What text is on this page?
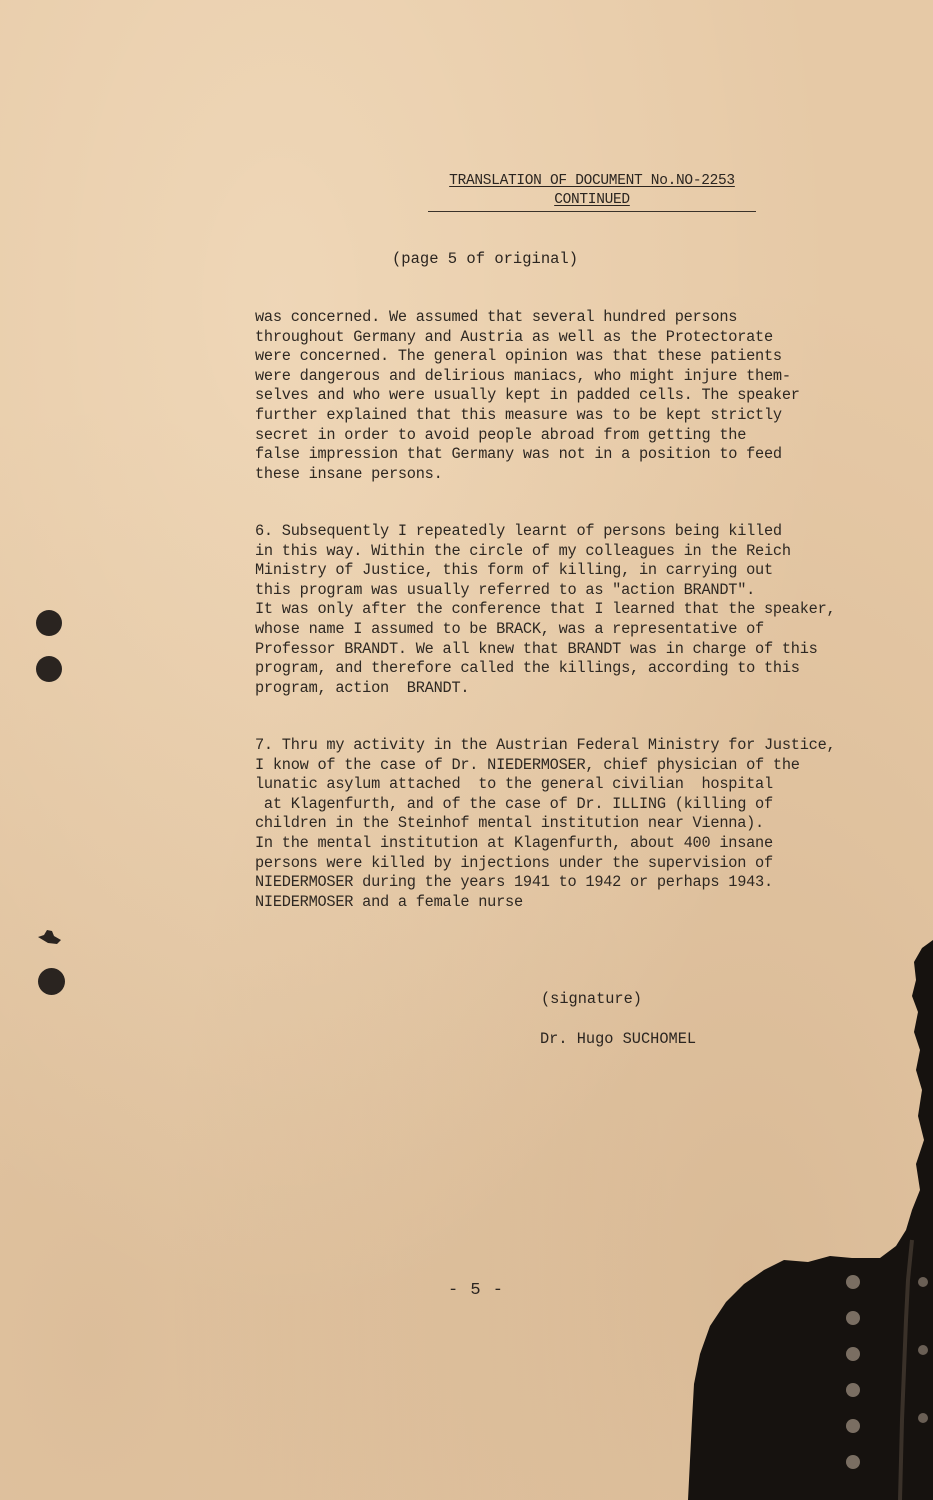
TRANSLATION OF DOCUMENT No.NO-2253
CONTINUED
(page 5 of original)
was concerned. We assumed that several hundred persons
throughout Germany and Austria as well as the Protectorate
were concerned. The general opinion was that these patients
were dangerous and delirious maniacs, who might injure them-
selves and who were usually kept in padded cells. The speaker
further explained that this measure was to be kept strictly
secret in order to avoid people abroad from getting the
false impression that Germany was not in a position to feed
these insane persons.
6. Subsequently I repeatedly learnt of persons being killed
in this way. Within the circle of my colleagues in the Reich
Ministry of Justice, this form of killing, in carrying out
this program was usually referred to as "action BRANDT".
It was only after the conference that I learned that the speaker,
whose name I assumed to be BRACK, was a representative of
Professor BRANDT. We all knew that BRANDT was in charge of this
program, and therefore called the killings, according to this
program, action  BRANDT.
7. Thru my activity in the Austrian Federal Ministry for Justice,
I know of the case of Dr. NIEDERMOSER, chief physician of the
lunatic asylum attached  to the general civilian  hospital
at Klagenfurth, and of the case of Dr. ILLING (killing of
children in the Steinhof mental institution near Vienna).
In the mental institution at Klagenfurth, about 400 insane
persons were killed by injections under the supervision of
NIEDERMOSER during the years 1941 to 1942 or perhaps 1943.
NIEDERMOSER and a female nurse
(signature)
Dr. Hugo SUCHOMEL
- 5 -
